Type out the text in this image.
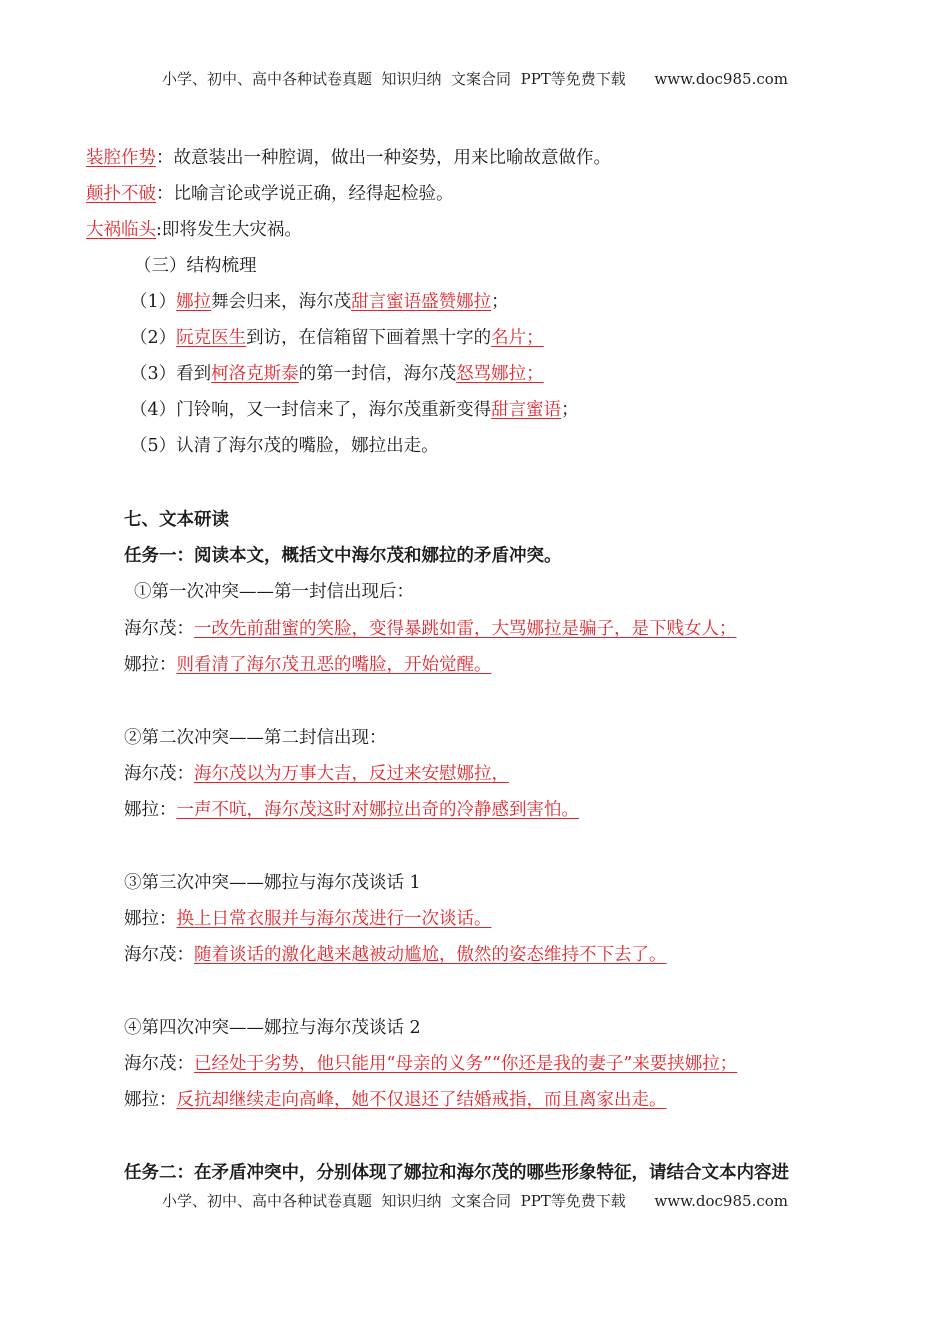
小学、初中、高中各种试卷真题  知识归纳  文案合同  PPT等免费下载      www.doc985.com
装腔作势：故意装出一种腔调，做出一种姿势，用来比喻故意做作。
颠扑不破：比喻言论或学说正确，经得起检验。
大祸临头:即将发生大灾祸。
（三）结构梳理
（1）娜拉舞会归来，海尔茂甜言蜜语盛赞娜拉；
（2）阮克医生到访，在信箱留下画着黑十字的名片；
（3）看到柯洛克斯泰的第一封信，海尔茂怒骂娜拉；
（4）门铃响，又一封信来了，海尔茂重新变得甜言蜜语；
（5）认清了海尔茂的嘴脸，娜拉出走。
七、文本研读
任务一：阅读本文，概括文中海尔茂和娜拉的矛盾冲突。
①第一次冲突——第一封信出现后：
海尔茂：一改先前甜蜜的笑脸，变得暴跳如雷，大骂娜拉是骗子，是下贱女人；
娜拉：则看清了海尔茂丑恶的嘴脸，开始觉醒。
②第二次冲突——第二封信出现：
海尔茂：海尔茂以为万事大吉，反过来安慰娜拉，
娜拉：一声不吭，海尔茂这时对娜拉出奇的冷静感到害怕。
③第三次冲突——娜拉与海尔茂谈话 1
娜拉：换上日常衣服并与海尔茂进行一次谈话。
海尔茂：随着谈话的激化越来越被动尴尬，傲然的姿态维持不下去了。
④第四次冲突——娜拉与海尔茂谈话 2
海尔茂：已经处于劣势，他只能用“母亲的义务”“你还是我的妻子”来要挟娜拉；
娜拉：反抗却继续走向高峰，她不仅退还了结婚戒指，而且离家出走。
任务二：在矛盾冲突中，分别体现了娜拉和海尔茂的哪些形象特征，请结合文本内容进
小学、初中、高中各种试卷真题  知识归纳  文案合同  PPT等免费下载      www.doc985.com
